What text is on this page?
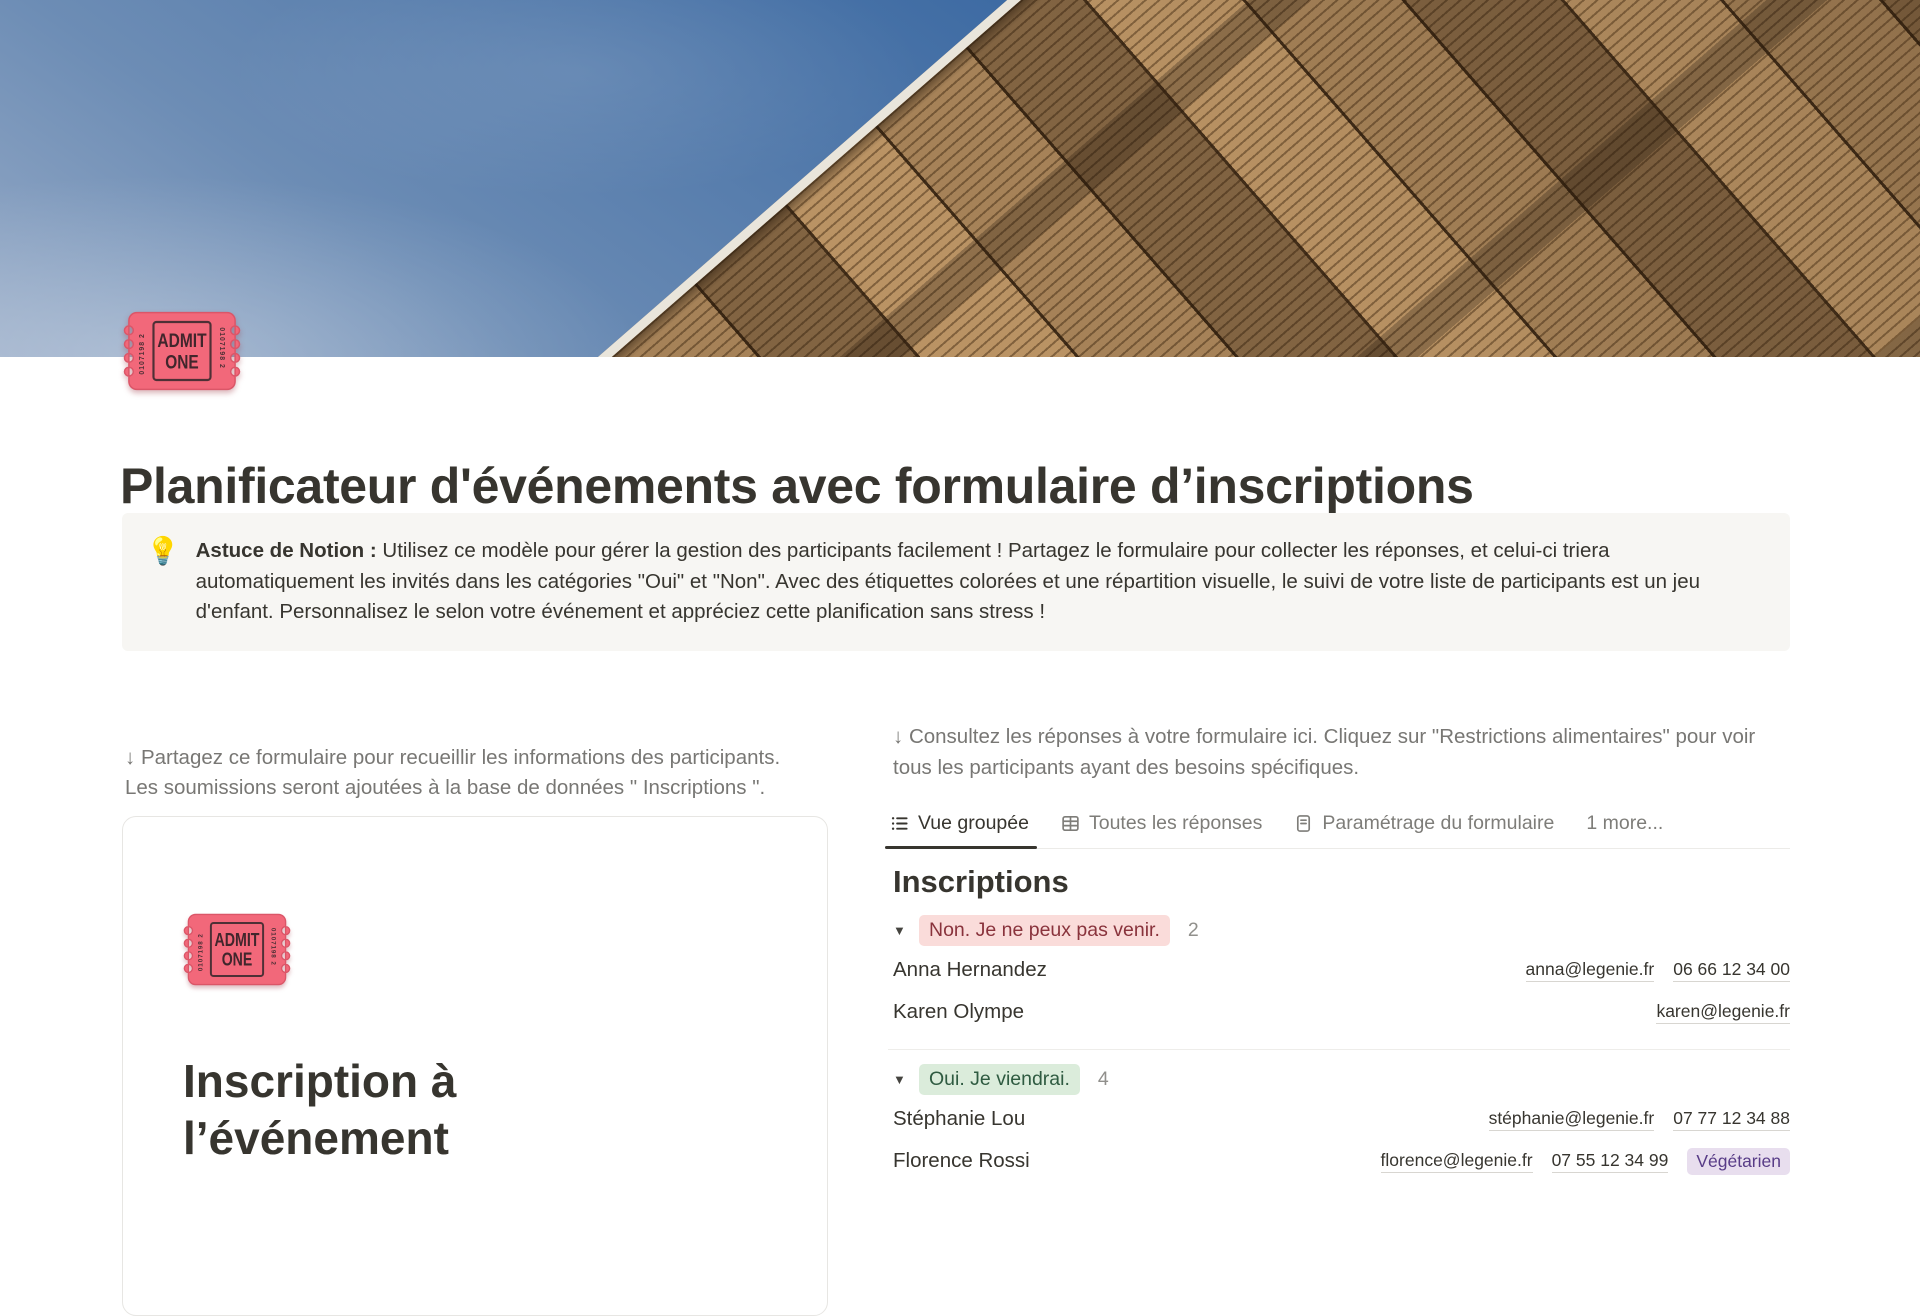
Planificateur d'événements avec formulaire d’inscriptions
💡 Astuce de Notion : Utilisez ce modèle pour gérer la gestion des participants facilement ! Partagez le formulaire pour collecter les réponses, et celui-ci triera automatiquement les invités dans les catégories "Oui" et "Non". Avec des étiquettes colorées et une répartition visuelle, le suivi de votre liste de participants est un jeu d'enfant. Personnalisez le selon votre événement et appréciez cette planification sans stress !

↓ Partagez ce formulaire pour recueillir les informations des participants. Les soumissions seront ajoutées à la base de données " Inscriptions ".

Inscription à
l’événement

↓ Consultez les réponses à votre formulaire ici. Cliquez sur "Restrictions alimentaires" pour voir tous les participants ayant des besoins spécifiques.

Vue groupée	Toutes les réponses	Paramétrage du formulaire 1 more...
Inscriptions
▼	Non. Je ne peux pas venir.	2
Anna Hernandez	anna@legenie.fr 06 66 12 34 00
Karen Olympe	karen@legenie.fr
▼	Oui. Je viendrai.	4
Stéphanie Lou	stéphanie@legenie.fr 07 77 12 34 88
Florence Rossi	florence@legenie.fr 07 55 12 34 99	Végétarien
